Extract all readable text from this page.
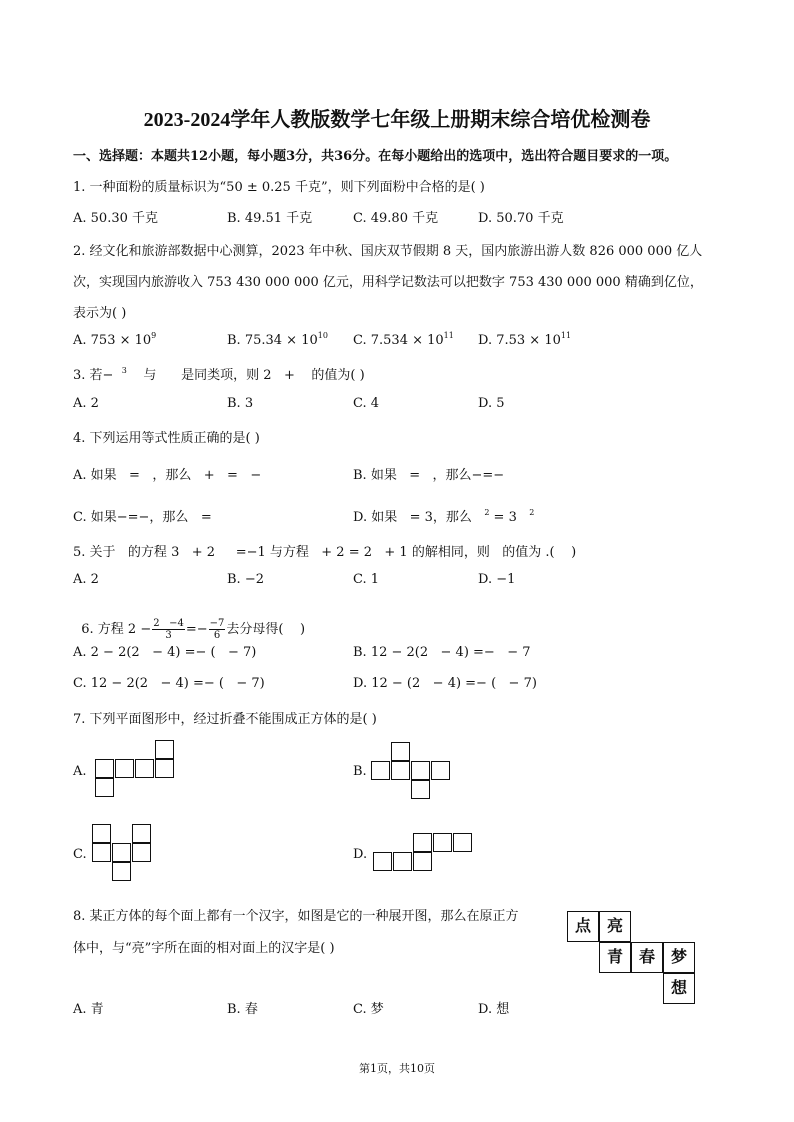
2023-2024学年人教版数学七年级上册期末综合培优检测卷
一、选择题：本题共12小题，每小题3分，共36分。在每小题给出的选项中，选出符合题目要求的一项。
1. 一种面粉的质量标识为“50 ± 0.25 千克”，则下列面粉中合格的是( )
A. 50.30 千克	B. 49.51 千克	C. 49.80 千克	D. 50.70 千克
2. 经文化和旅游部数据中心测算，2023 年中秋、国庆双节假期 8 天，国内旅游出游人数 826 000 000 亿人
次，实现国内旅游收入 753 430 000 000 亿元，用科学记数法可以把数字 753 430 000 000 精确到亿位，
表示为( )
A. $753 \times 10^9$	B. $75.34 \times 10^{10}$ C. $7.534 \times 10^{11}$ D. $7.53 \times 10^{11}$
3. 若− $^3$ 与 是同类项，则 2 + 的值为( )
A. 2	B. 3	C. 4	D. 5
4. 下列运用等式性质正确的是( )
A. 如果   =   ，那么   +   =   −	B. 如果   =   ，那么−=−
C. 如果−=−，那么   =	D. 如果   = 3，那么   $^2$ = 3   $^2$
5. 关于   的方程 3   + 2     =−1 与方程   + 2 = 2   + 1 的解相同，则   的值为 .(    )
A. 2	B. −2	C. 1	D. −1

6. 方程 $2 - \frac{2 -4}{3} =- \frac{-7}{6}$ 去分母得(    )

A. 2 − 2(2   − 4) =− (   − 7)	B. 12 − 2(2   − 4) =−   − 7
C. 12 − 2(2   − 4) =− (   − 7)	D. 12 − (2   − 4) =− (   − 7)
7. 下列平面图形中，经过折叠不能围成正方体的是( )
A.	B.
C.	D.
8. 某正方体的每个面上都有一个汉字，如图是它的一种展开图，那么在原正方
体中，与“亮”字所在面的相对面上的汉字是( )
A. 青	B. 春	C. 梦	D. 想
点 亮
青 春 梦
想
第1页，共10页
